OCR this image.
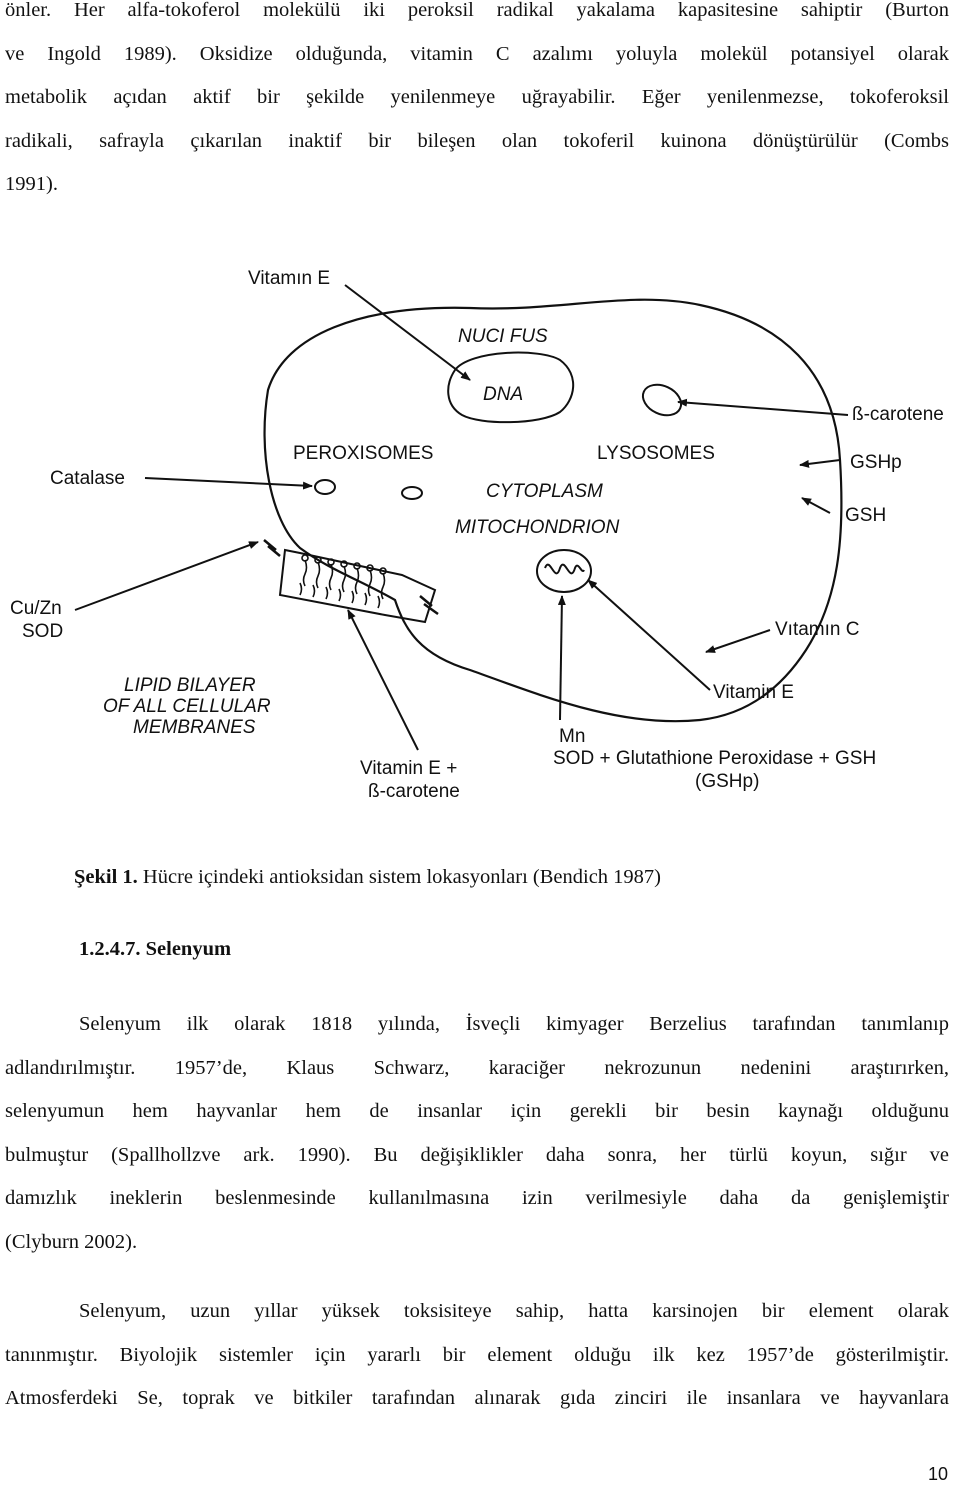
önler. Her alfa-tokoferol molekülü iki peroksil radikal yakalama kapasitesine sahiptir (Burton
ve Ingold 1989). Oksidize olduğunda, vitamin C azalımı yoluyla molekül potansiyel olarak
metabolik açıdan aktif bir şekilde yenilenmeye uğrayabilir. Eğer yenilenmezse, tokoferoksil
radikali, safrayla çıkarılan inaktif bir bileşen olan tokoferil kuinona dönüştürülür (Combs
1991).
Vitamın E
NUCI FUS
DNA
ß-carotene
PEROXISOMES	LYSOSOMES	GSHp
Catalase
CYTOPLASM
GSH
MITOCHONDRION
Cu/Zn
SOD	Vıtamın C
LIPID BILAYER
OF ALL CELLULAR
MEMBRANES
Vitamin E
Mn
SOD + Glutathione Peroxidase + GSH
Vitamin E +
(GSHp)
ß-carotene
Şekil 1. Hücre içindeki antioksidan sistem lokasyonları (Bendich 1987)
1.2.4.7. Selenyum
Selenyum ilk olarak 1818 yılında, İsveçli kimyager Berzelius tarafından tanımlanıp
adlandırılmıştır. 1957’de, Klaus Schwarz, karaciğer nekrozunun nedenini araştırırken,
selenyumun hem hayvanlar hem de insanlar için gerekli bir besin kaynağı olduğunu
bulmuştur (Spallhollzve ark. 1990). Bu değişiklikler daha sonra, her türlü koyun, sığır ve
damızlık ineklerin beslenmesinde kullanılmasına izin verilmesiyle daha da genişlemiştir
(Clyburn 2002).
Selenyum, uzun yıllar yüksek toksisiteye sahip, hatta karsinojen bir element olarak
tanınmıştır. Biyolojik sistemler için yararlı bir element olduğu ilk kez 1957’de gösterilmiştir.
Atmosferdeki Se, toprak ve bitkiler tarafından alınarak gıda zinciri ile insanlara ve hayvanlara
10
